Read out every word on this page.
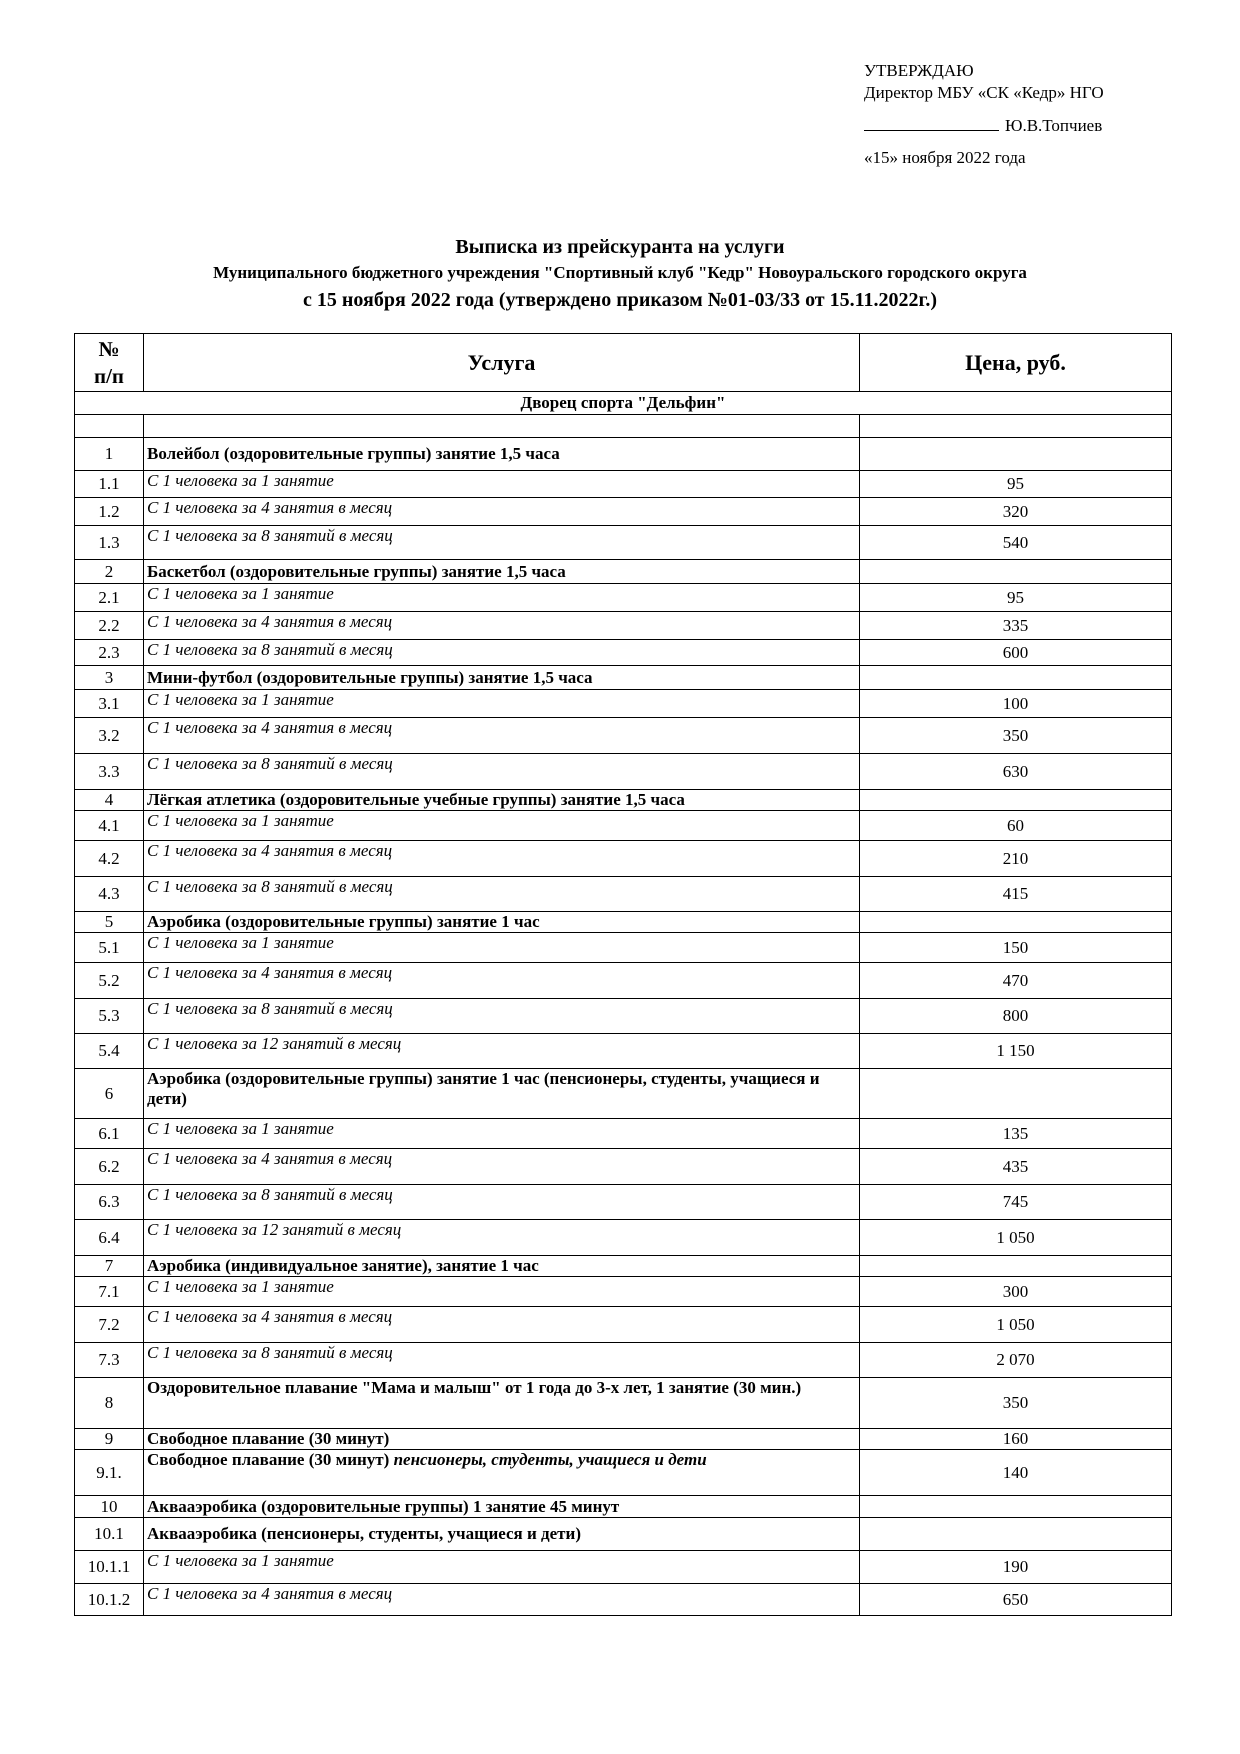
УТВЕРЖДАЮ
Директор МБУ «СК «Кедр» НГО
Ю.В.Топчиев
«15» ноября 2022 года
Выписка из прейскуранта на услуги
Муниципального бюджетного учреждения "Спортивный клуб "Кедр" Новоуральского городского округа
с 15 ноября 2022 года (утверждено приказом №01-03/33 от 15.11.2022г.)
№
п/п	Услуга	Цена, руб.
Дворец спорта "Дельфин"		

1	Волейбол (оздоровительные группы) занятие 1,5 часа	
1.1	С 1 человека за 1 занятие	95
1.2	С 1 человека за 4 занятия в месяц	320
1.3	С 1 человека за 8 занятий в месяц	540
2	Баскетбол (оздоровительные группы) занятие 1,5 часа	
2.1	С 1 человека за 1 занятие	95
2.2	С 1 человека за 4 занятия в месяц	335
2.3	С 1 человека за 8 занятий в месяц	600
3	Мини-футбол (оздоровительные группы) занятие 1,5 часа	
3.1	С 1 человека за 1 занятие	100
3.2	С 1 человека за 4 занятия в месяц	350
3.3	С 1 человека за 8 занятий в месяц	630
4	Лёгкая атлетика (оздоровительные учебные группы) занятие 1,5 часа	
4.1	С 1 человека за 1 занятие	60
4.2	С 1 человека за 4 занятия в месяц	210
4.3	С 1 человека за 8 занятий в месяц	415
5	Аэробика (оздоровительные группы) занятие 1 час	
5.1	С 1 человека за 1 занятие	150
5.2	С 1 человека за 4 занятия в месяц	470
5.3	С 1 человека за 8 занятий в месяц	800
5.4	С 1 человека за 12 занятий в месяц	1 150
6	Аэробика (оздоровительные группы) занятие 1 час (пенсионеры, студенты, учащиеся и дети)	
6.1	С 1 человека за 1 занятие	135
6.2	С 1 человека за 4 занятия в месяц	435
6.3	С 1 человека за 8 занятий в месяц	745
6.4	С 1 человека за 12 занятий в месяц	1 050
7	Аэробика (индивидуальное занятие), занятие 1 час	
7.1	С 1 человека за 1 занятие	300
7.2	С 1 человека за 4 занятия в месяц	1 050
7.3	С 1 человека за 8 занятий в месяц	2 070
8	Оздоровительное плавание "Мама и малыш" от 1 года до 3-х лет, 1 занятие (30 мин.)	350
9	Свободное плавание (30 минут)	160
9.1.	Свободное плавание (30 минут) пенсионеры, студенты, учащиеся и дети	140
10	Аквааэробика (оздоровительные группы) 1 занятие 45 минут	
10.1	Аквааэробика (пенсионеры, студенты, учащиеся и дети)	
10.1.1	С 1 человека за 1 занятие	190
10.1.2	С 1 человека за 4 занятия в месяц	650
